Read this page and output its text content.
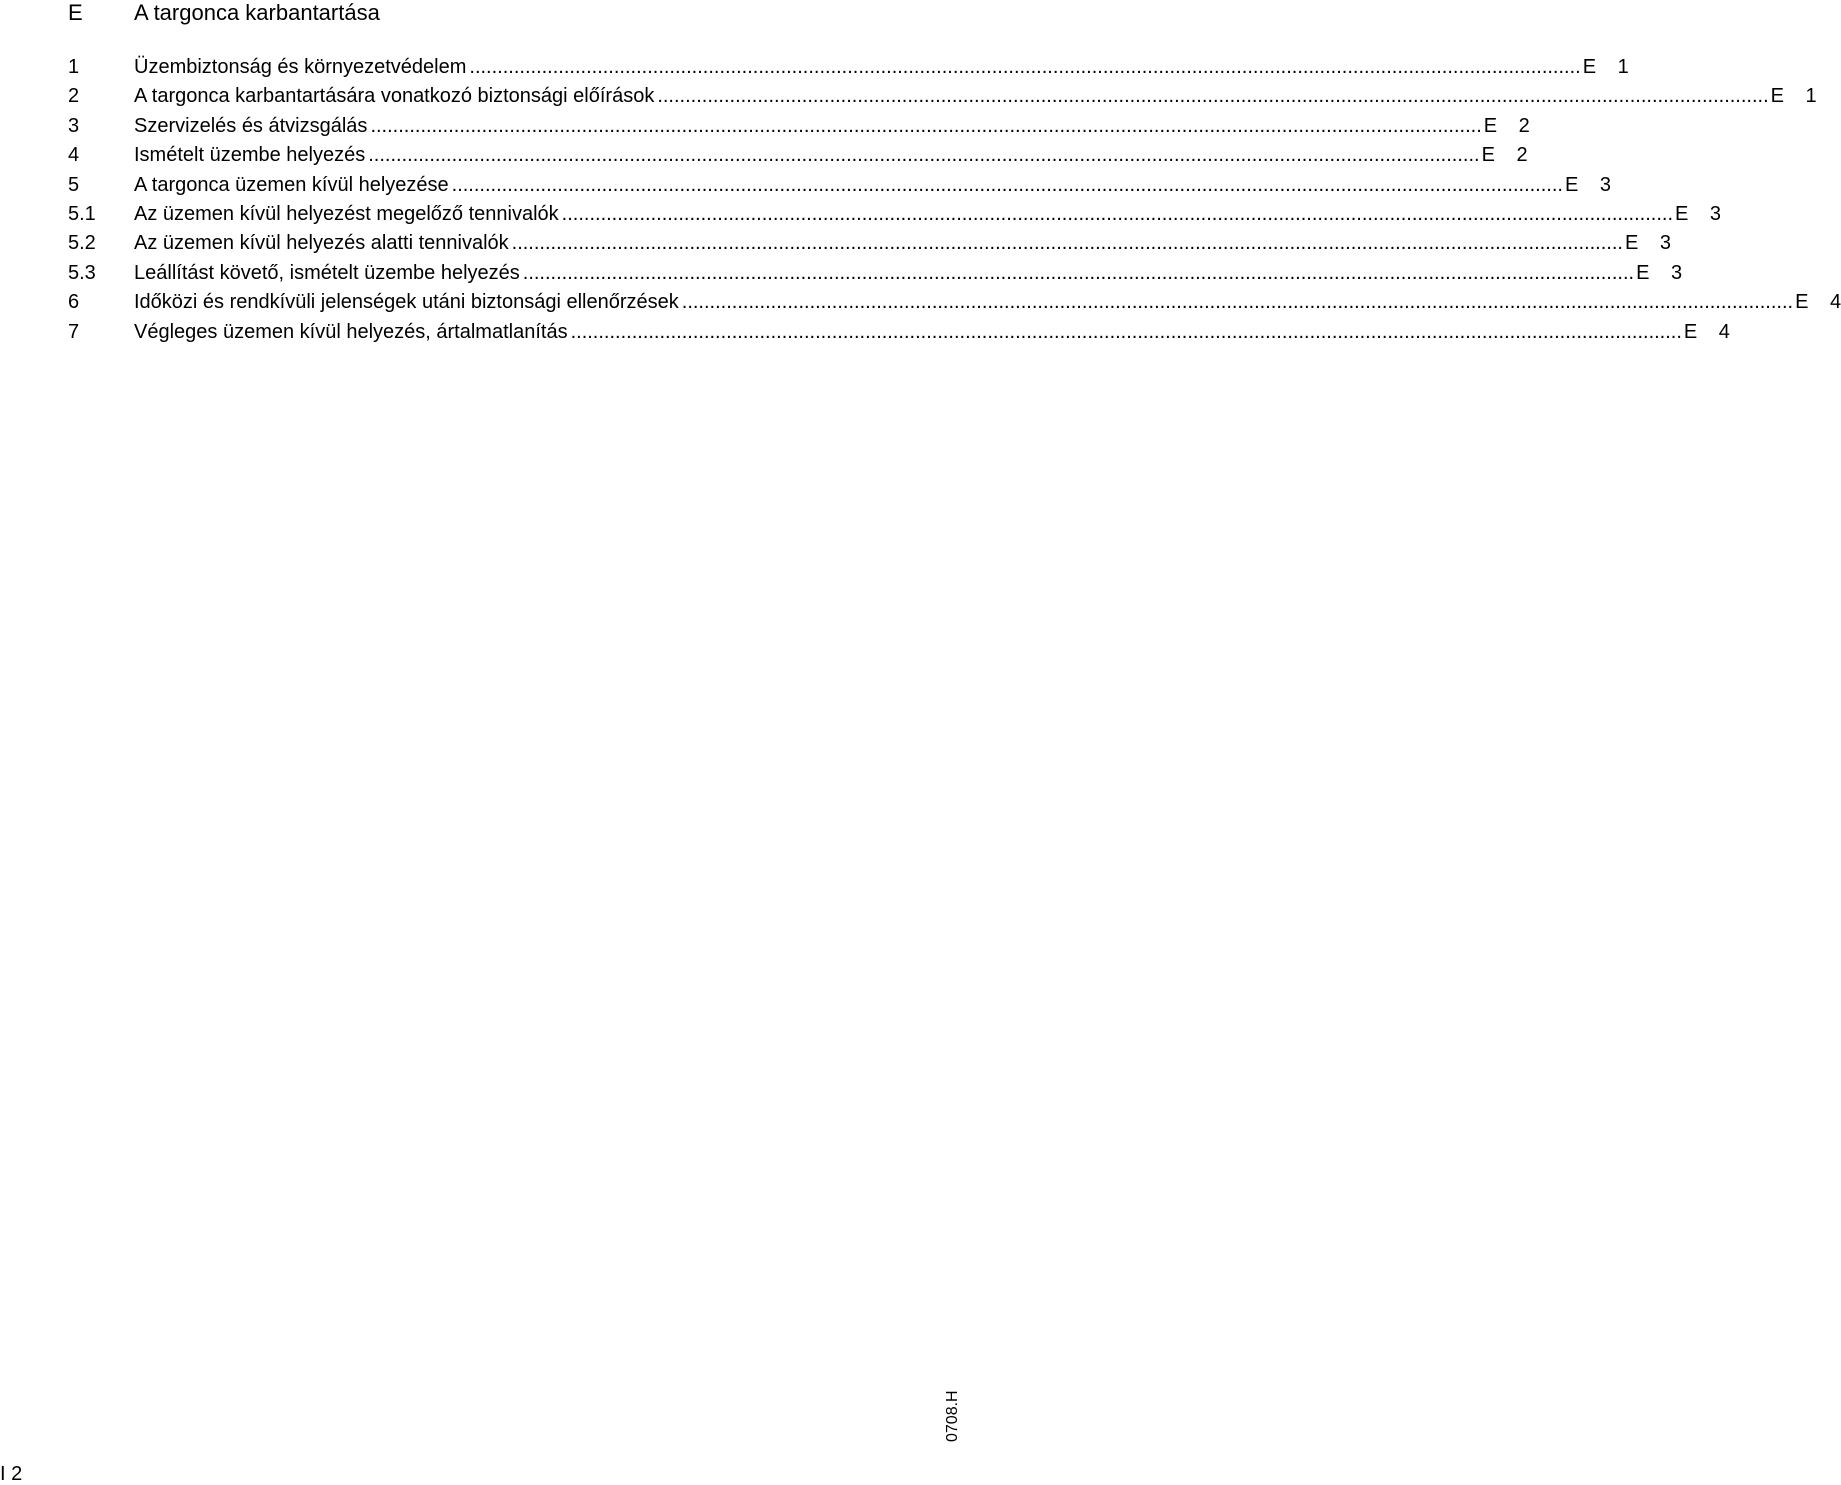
E	A targonca karbantartása
1	Üzembiztonság és környezetvédelem ........................................................................................................................................................................................................ E 1
2	A targonca karbantartására vonatkozó biztonsági előírások ........................................................................................................................................................................................................ E 1
3	Szervizelés és átvizsgálás ........................................................................................................................................................................................................ E 2
4	Ismételt üzembe helyezés ........................................................................................................................................................................................................ E 2
5	A targonca üzemen kívül helyezése ........................................................................................................................................................................................................ E 3
5.1	Az üzemen kívül helyezést megelőző tennivalók ........................................................................................................................................................................................................ E 3
5.2	Az üzemen kívül helyezés alatti tennivalók ........................................................................................................................................................................................................ E 3
5.3	Leállítást követő, ismételt üzembe helyezés ........................................................................................................................................................................................................ E 3
6	Időközi és rendkívüli jelenségek utáni biztonsági ellenőrzések ........................................................................................................................................................................................................ E 4
7	Végleges üzemen kívül helyezés, ártalmatlanítás ........................................................................................................................................................................................................ E 4
0708.H
I 2
